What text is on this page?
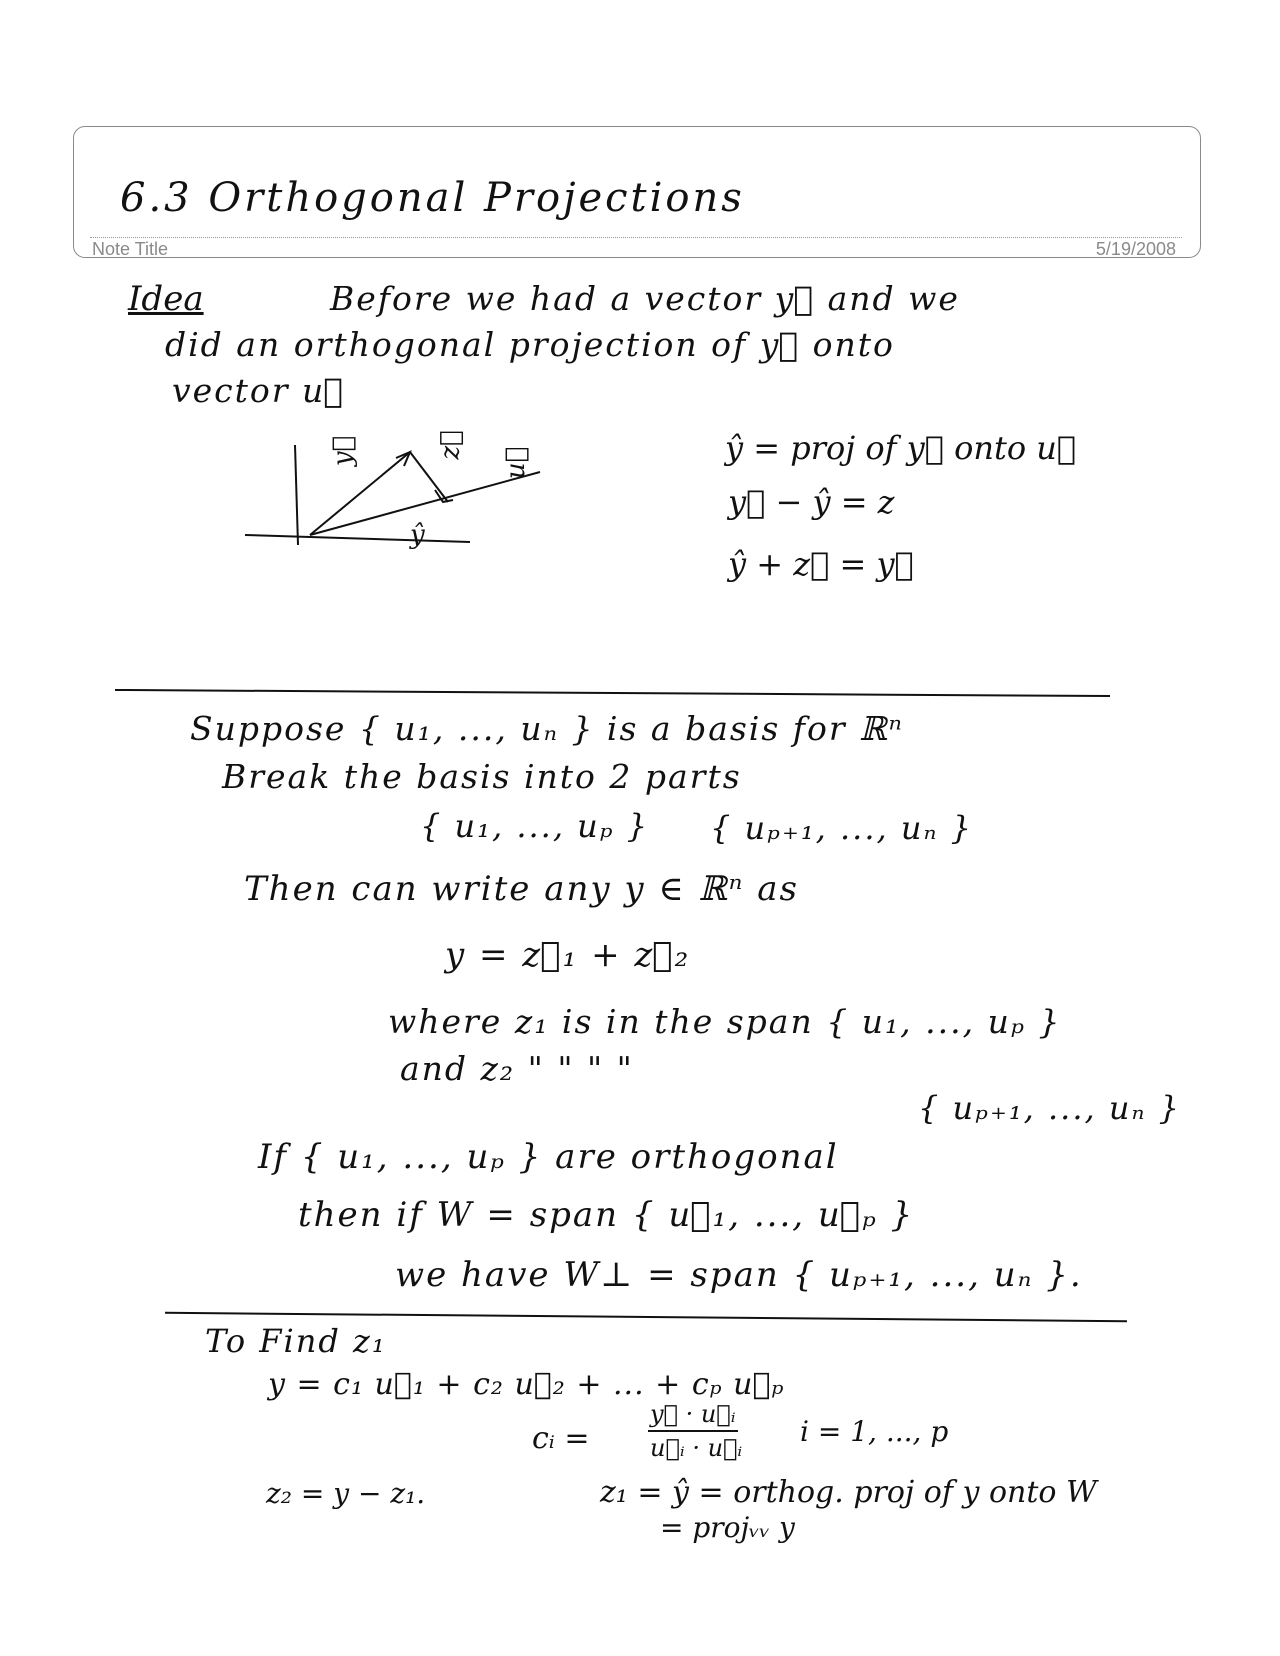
6.3 Orthogonal Projections
Note Title	5/19/2008
Idea	Before we had a vector y⃗ and we
did an orthogonal projection of y⃗ onto
vector u⃗
y⃗	z⃗
u⃗
ŷ
ŷ = proj of y⃗ onto u⃗
y⃗ − ŷ = z
ŷ + z⃗ = y⃗
Suppose { u₁, ..., uₙ } is a basis for ℝⁿ
Break the basis into 2 parts
{ u₁, ..., uₚ } { uₚ₊₁, ..., uₙ }
Then can write any y ∈ ℝⁿ as
y = z⃗₁ + z⃗₂
where z₁ is in the span { u₁, ..., uₚ }
and z₂ " " " "
{ uₚ₊₁, ..., uₙ }
If { u₁, ..., uₚ } are orthogonal
then if W = span { u⃗₁, ..., u⃗ₚ }
we have W⊥ = span { uₚ₊₁, ..., uₙ }.
To Find z₁
y = c₁ u⃗₁ + c₂ u⃗₂ + ... + cₚ u⃗ₚ
cᵢ =
y⃗ · u⃗ᵢ
u⃗ᵢ · u⃗ᵢ i = 1, ..., p
z₂ = y − z₁.	z₁ = ŷ = orthog. proj of y onto W
= projᵥᵥ y
